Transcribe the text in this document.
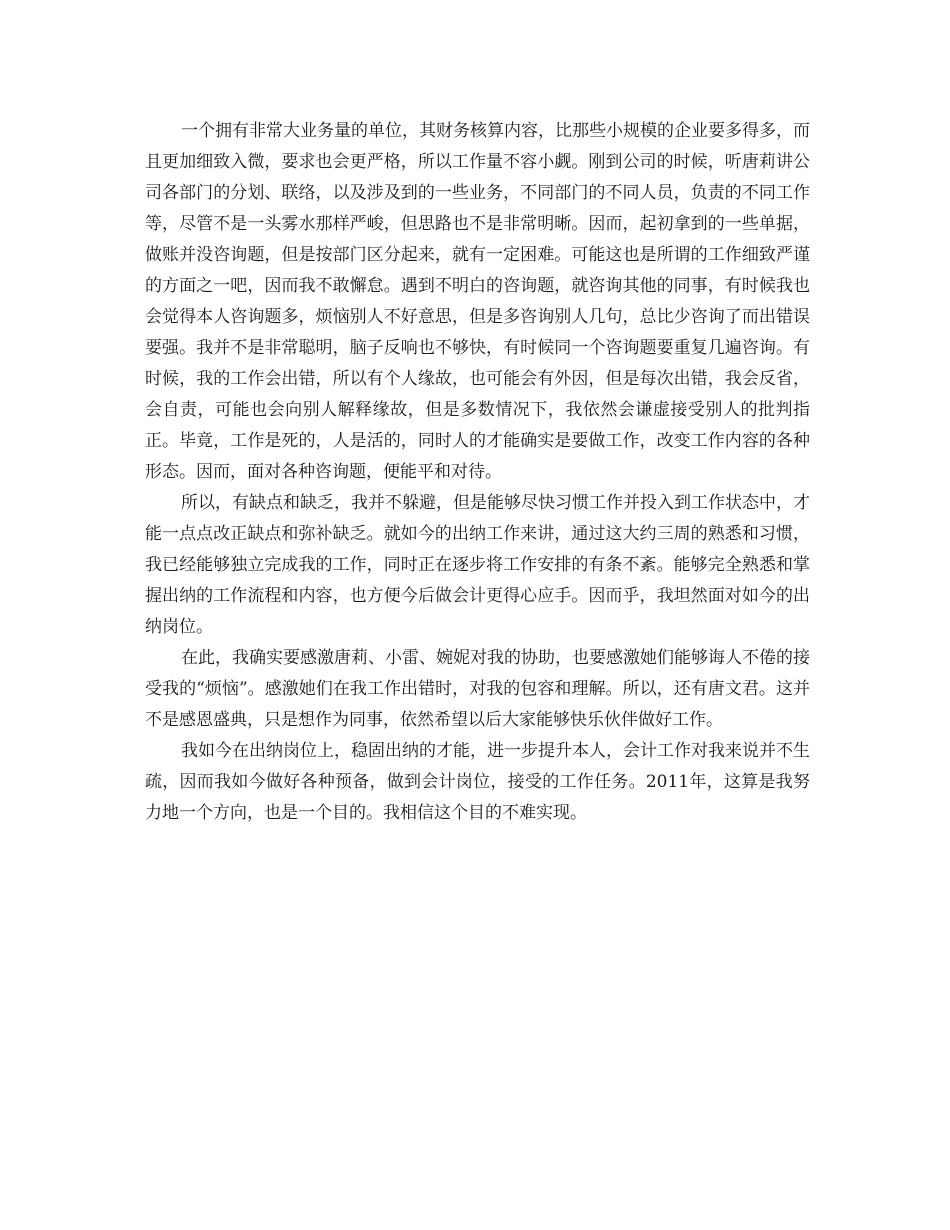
一个拥有非常大业务量的单位，其财务核算内容，比那些小规模的企业要多得多，而且更加细致入微，要求也会更严格，所以工作量不容小觑。刚到公司的时候，听唐莉讲公司各部门的分划、联络，以及涉及到的一些业务，不同部门的不同人员，负责的不同工作等，尽管不是一头雾水那样严峻，但思路也不是非常明晰。因而，起初拿到的一些单据，做账并没咨询题，但是按部门区分起来，就有一定困难。可能这也是所谓的工作细致严谨的方面之一吧，因而我不敢懈怠。遇到不明白的咨询题，就咨询其他的同事，有时候我也会觉得本人咨询题多，烦恼别人不好意思，但是多咨询别人几句，总比少咨询了而出错误要强。我并不是非常聪明，脑子反响也不够快，有时候同一个咨询题要重复几遍咨询。有时候，我的工作会出错，所以有个人缘故，也可能会有外因，但是每次出错，我会反省，会自责，可能也会向别人解释缘故，但是多数情况下，我依然会谦虚接受别人的批判指正。毕竟，工作是死的，人是活的，同时人的才能确实是要做工作，改变工作内容的各种形态。因而，面对各种咨询题，便能平和对待。

所以，有缺点和缺乏，我并不躲避，但是能够尽快习惯工作并投入到工作状态中，才能一点点改正缺点和弥补缺乏。就如今的出纳工作来讲，通过这大约三周的熟悉和习惯，我已经能够独立完成我的工作，同时正在逐步将工作安排的有条不紊。能够完全熟悉和掌握出纳的工作流程和内容，也方便今后做会计更得心应手。因而乎，我坦然面对如今的出纳岗位。

在此，我确实要感激唐莉、小雷、婉妮对我的协助，也要感激她们能够诲人不倦的接受我的“烦恼”。感激她们在我工作出错时，对我的包容和理解。所以，还有唐文君。这并不是感恩盛典，只是想作为同事，依然希望以后大家能够快乐伙伴做好工作。

我如今在出纳岗位上，稳固出纳的才能，进一步提升本人，会计工作对我来说并不生疏，因而我如今做好各种预备，做到会计岗位，接受的工作任务。2011年，这算是我努力地一个方向，也是一个目的。我相信这个目的不难实现。
